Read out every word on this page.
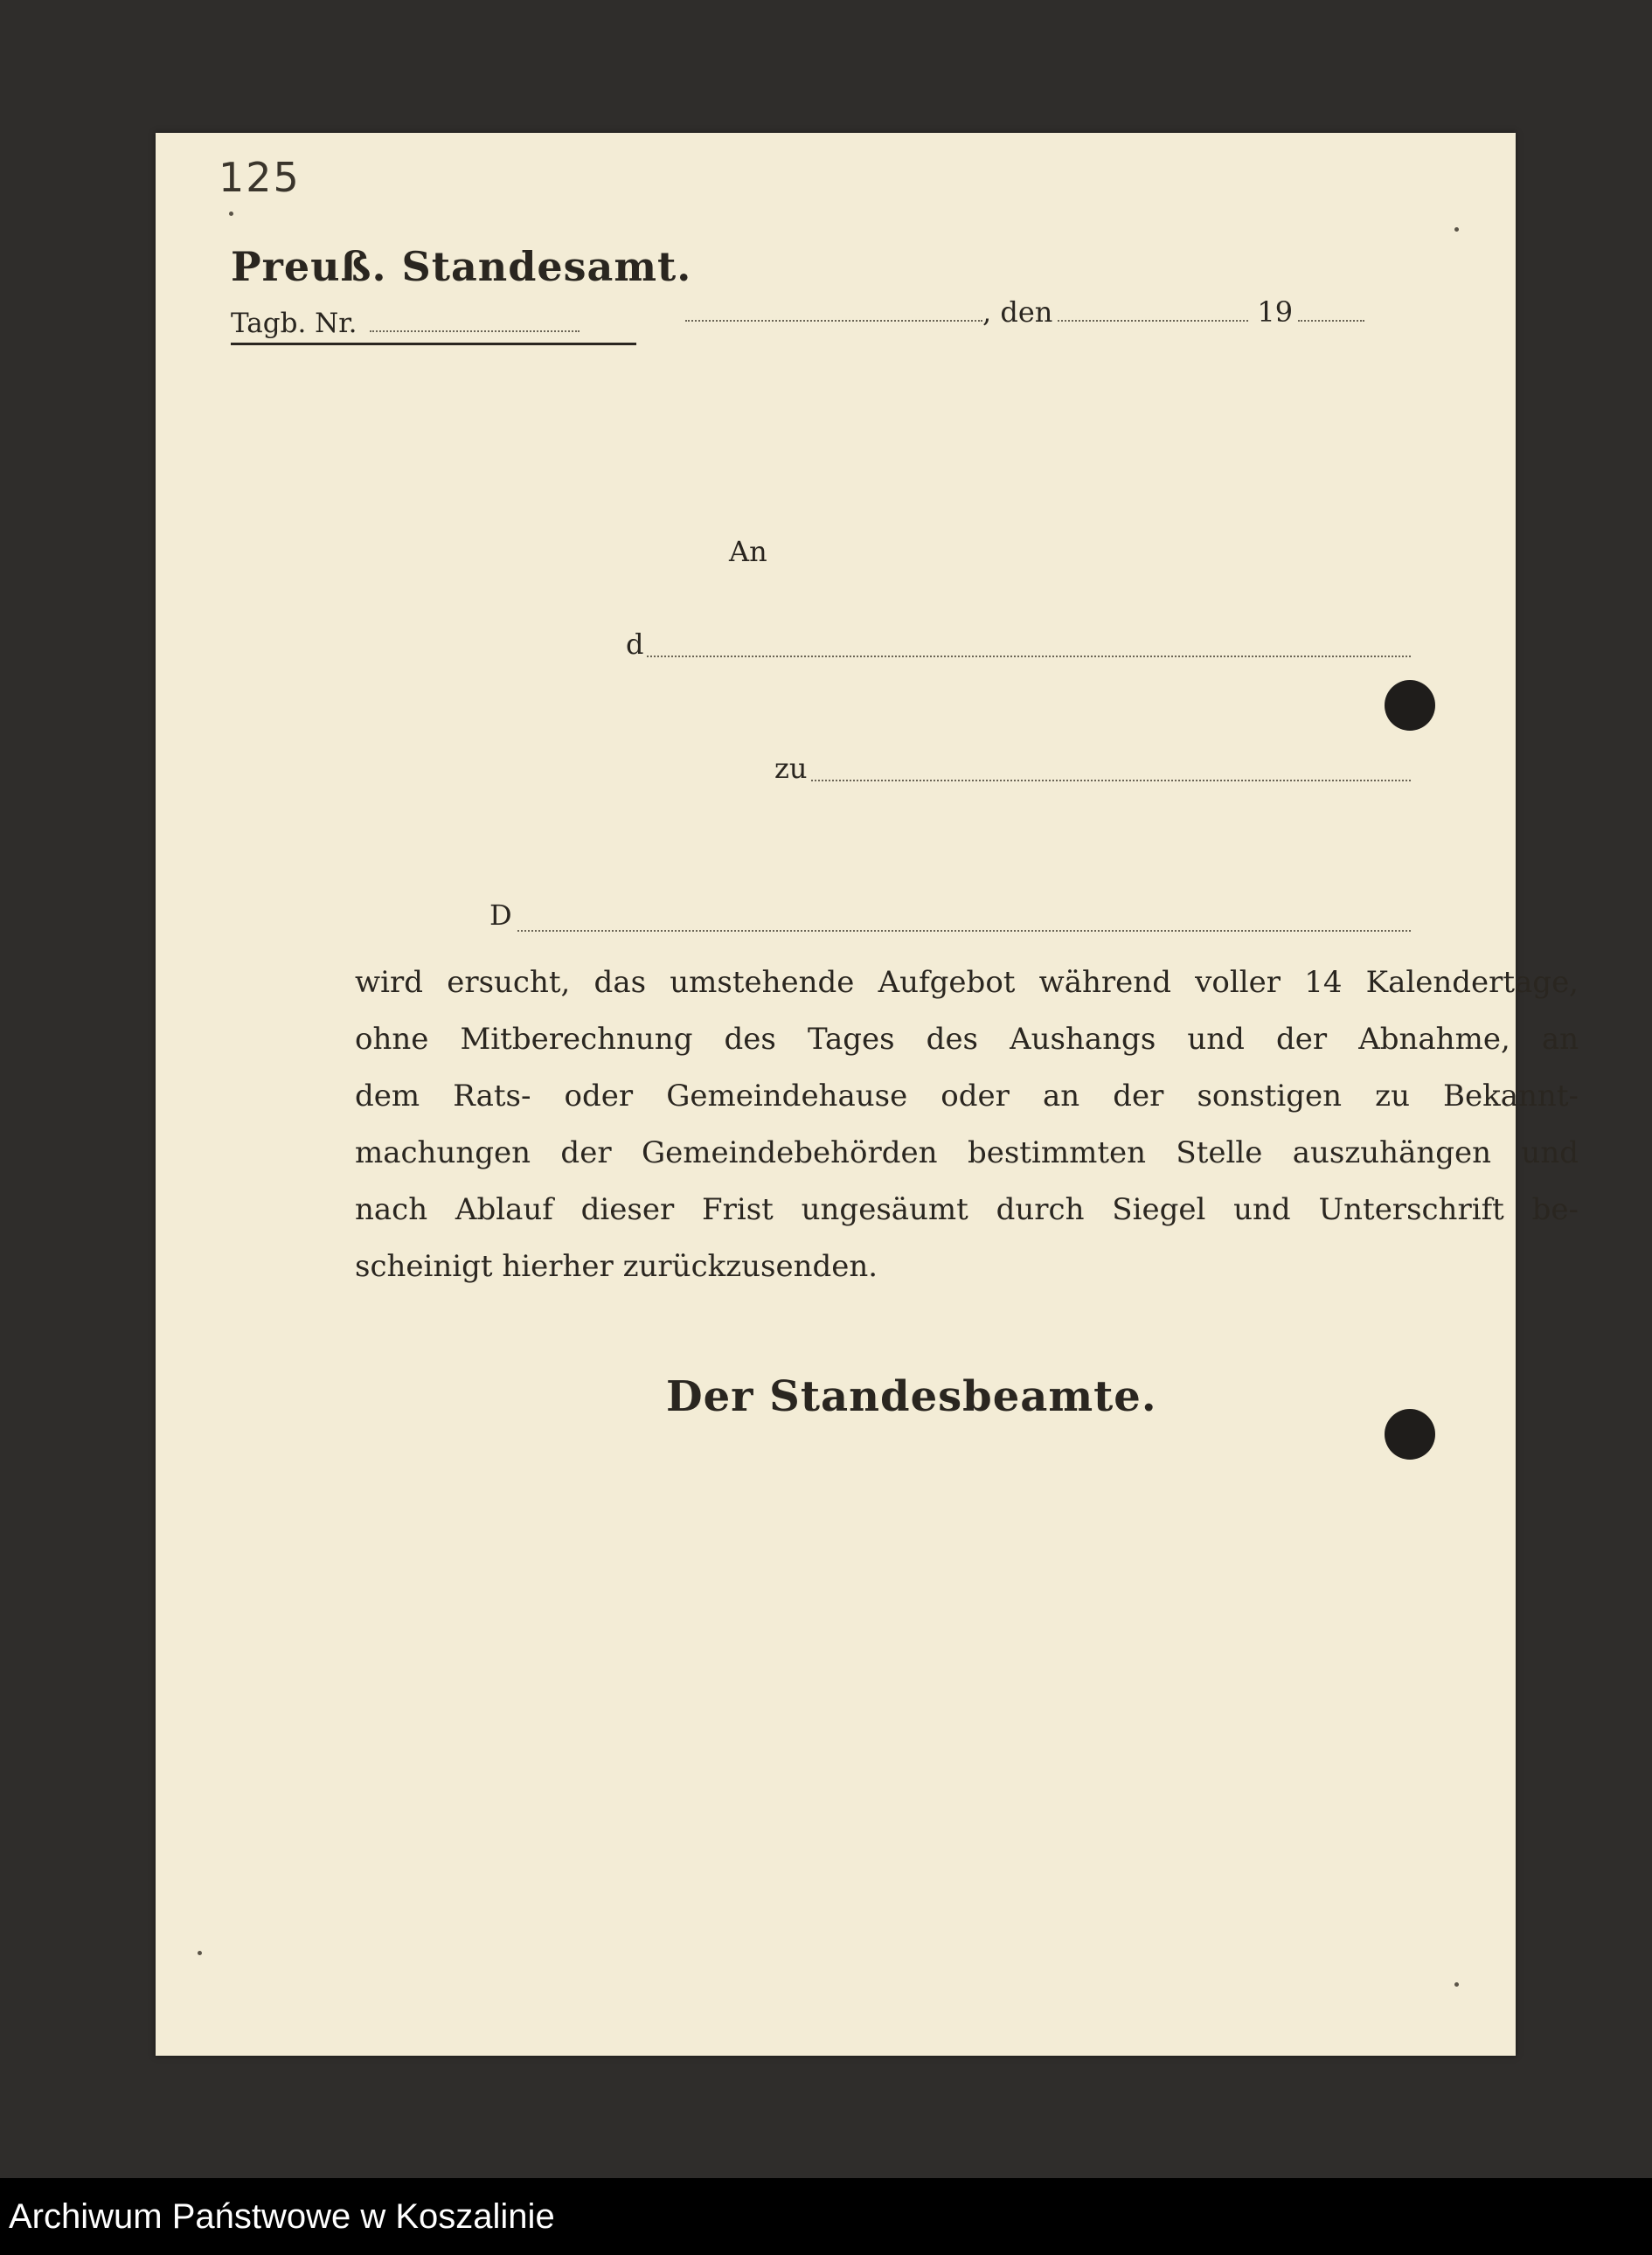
125
Preuß. Standesamt.
Tagb. Nr.	, den	19
An
d
zu
D
wird ersucht, das umstehende Aufgebot während voller 14 Kalendertage,
ohne Mitberechnung des Tages des Aushangs und der Abnahme, an
dem Rats- oder Gemeindehause oder an der sonstigen zu Bekannt-
machungen der Gemeindebehörden bestimmten Stelle auszuhängen und
nach Ablauf dieser Frist ungesäumt durch Siegel und Unterschrift be-
scheinigt hierher zurückzusenden.
Der Standesbeamte.
Archiwum Państwowe w Koszalinie
